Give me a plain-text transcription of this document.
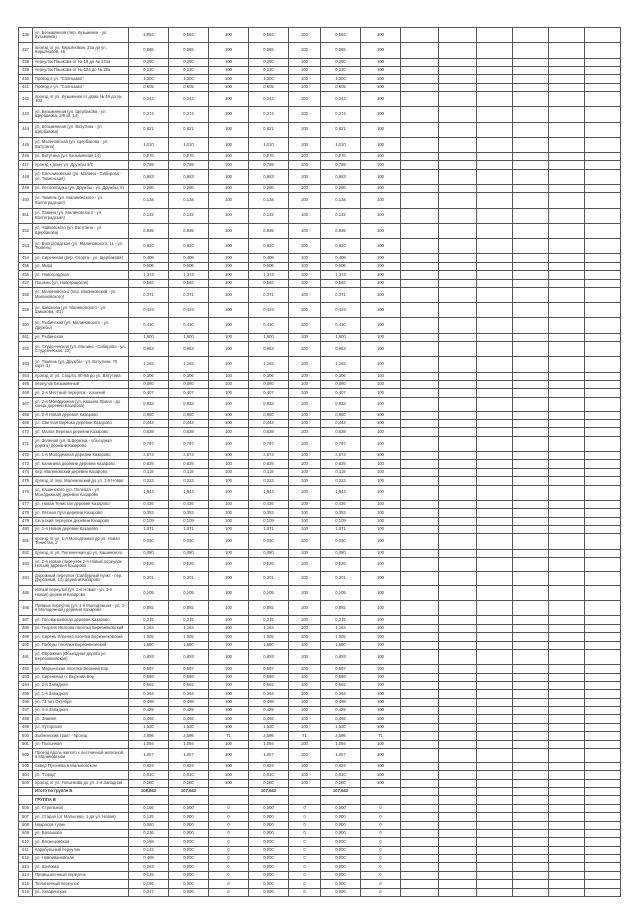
436	ул. Безымянная (пер. Кузьминки - ул. Кузьминки)	2,854	0,584	100	0,584	100	0,584	100						
437	проезд от ул. Кирьяновой, 33а до ул. Кирьяновой, 46	0,865	0,065	100	0,065	100	0,065	100						
438	переулок Пашкова от № 18 до № 144а	0,250	0,250	100	0,250	100	0,250	100						
439	переулок Пашкова от № 10а до № 28а	0,230	0,230	100	0,230	100	0,230	100						
440	Проезд к ул. "Солнышко"	1,300	1,300	100	1,300	100	1,300	100						
441	Проезд к ул. "Солнышко"	0,605	0,605	100	0,605	100	0,605	100						
442	проезд от ул. Кузьминки от дома № 49 до № 103	0,244	0,244	100	0,244	100	0,244	100						
443	ул. Безымянная (ул. Щербакова - ул. Щербакова, 2/6 кв. 14)	0,374	0,374	100	0,374	100	0,374	100						
444	ул. Безымянная (ул. Ватутина - ул. Щербакова)	0,821	0,821	100	0,821	100	0,821	100						
445	ул. Малиновская (ул. Щербакова - ул. Ватутина)	1,010	1,010	100	1,010	100	1,010	100						
446	ул. Ватутина (ул. Безымянная 14)	0,070	0,070	100	0,070	100	0,070	100						
447	проезд к дому ул. Дружбы 1/2	0,789	0,789	100	0,789	100	0,789	100						
448	ул. Сольниковская (ул. Малина - Сибирова - ул. Тюменская)	0,863	0,863	100	0,863	100	0,863	100						
449	ул. Лесопосадка (ул. Дружбы - ул. Дружбы, 8)	0,280	0,280	100	0,280	100	0,280	100						
450	ул. Тюмень (ул. Малиновского - ул. Волгоградская)	0,134	0,134	100	0,134	100	0,134	100						
451	ул. Лавина (ул. Малиновского - ул. Волгоградская)	0,132	0,132	100	0,132	100	0,132	100						
452	ул. Чайковского (ул. Ватутина - ул. Щербакова)	0,835	0,835	100	0,835	100	0,835	100						
453	ул. Волгоградская (ул. Малиновского, 11 - ул. Тюмень)	0,610	0,610	100	0,610	100	0,610	100						
454	ул. Сиреневая (пер. Спорта - ул. Щербакова)	0,408	0,408	100	0,408	100	0,408	100						
455	ул. Мира	0,506	0,506	100	0,506	100	0,506	100						
456	ул. Новоградская	1,373	1,373	100	1,373	100	1,373	100						
457	Пошень (ул. Новоградская)	0,592	0,592	100	0,592	100	0,592	100						
458	ул. Малиновского (пер. Малиновский - ул. Малиновского)	0,371	0,371	100	0,371	100	0,371	100						
459	ул. Шишкова (ул. Малиновского - ул. Шишкова, 4/1)	0,423	0,423	100	0,423	100	0,423	100						
460	ул. Рыбинская (ул. Малиновского - ул. Дружбы)	0,410	0,410	100	0,410	100	0,410	100						
461	ул. Рыбинская	1,600	1,600	100	1,600	100	1,600	100						
462	ул. Студенческая (ул. Малина - Сибирова - ул. Студенческая, 23)	0,853	0,853	100	0,853	100	0,853	100						
463	ул. Тюмень (ул. Дружбы - ул. Ватутина, 70 корп. 1)	1,182	1,182	100	1,182	100	1,182	100						
464	проезд от ул. Спорта, 80-85 до ул. Ватутина	0,306	0,306	100	0,306	100	0,306	100						
465	переулок Безымянный	0,080	0,080	100	0,080	100	0,080	100						
466	ул. 2-я Местный переулок - Казачий	0,407	0,407	100	0,407	100	0,407	100						
467	ул. 2-я Молодежная (ул. Кашина Ярина - до конца деревни Казарова)	0,823	0,823	100	0,823	100	0,823	100						
468	ул. 2-я Новая деревня Казарово	0,980	0,980	100	0,980	100	0,980	100						
469	ул. Светлая Березка деревни Казарово	0,444	0,444	100	0,444	100	0,444	100						
470	ул. Малая Березка деревни Казарово	0,839	0,839	100	0,839	100	0,839	100						
471	ул. Зеленая (ул. В.Березка - объездная дорога) деревни Казарово	0,797	0,797	100	0,797	100	0,797	100						
472	ул. 1-я Молодежная деревни Казарово	2,573	2,573	100	2,573	100	2,573	100						
473	ул. Калинина деревни деревни Казарово	0,825	0,825	100	0,825	100	0,825	100						
474	пер. Малиновский деревни Казарово	0,118	0,118	100	0,118	100	0,118	100						
475	проезд от пер. Малиновский до ул. 1-я Новая	0,223	0,223	100	0,223	100	0,223	100						
476	ул. Кашинского (ул. Полевая - ул. Молодежная) деревни Казарово	1,644	1,644	100	1,644	100	1,644	100						
477	ул. Новая Тенистая деревня Казарово	0,426	0,426	100	0,426	100	0,426	100						
478	ул. Лесная Луга деревни Казарово	0,353	0,353	100	0,353	100	0,353	100						
479	Сельский переулок деревни Казарово	0,109	0,109	100	0,109	100	0,109	100						
480	ул. 1-я Новая деревни Казарово	1,071	1,071	100	1,071	100	1,071	100						
481	проезд от ул. 1-я Молодежная до ул. Новая Тенистая, 2	0,250	0,250	100	0,250	100	0,250	100						
482	проезд от ул. Тюлиничная до ул. Кашинского	0,080	0,080	100	0,080	100	0,080	100						
483	ул. 2-я Новая (переулок 2-я Новый переулок Новый) деревня Казарово	0,526	0,526	100	0,526	100	0,526	100						
484	Дорожный переулок (Сайбурный пункт - пер. Дорожный, 12) деревни Казарово	0,201	0,201	100	0,201	100	0,201	100						
485	Новый переулок (ул. 2-я Новая - ул. 3-я Новая) деревня Казарово	0,105	0,105	100	0,105	100	0,105	100						
486	Прямые переулок (ул. 1-я Молодежная - ул. 2-я Молодежная) деревня Казарово	0,092	0,092	100	0,092	100	0,092	100						
487	ул. Голованьевская деревня Казарово	0,315	0,315	100	0,315	100	0,315	100						
488	ул. Георгия Ипатова поселка Березняковский	1,163	1,163	100	1,163	100	1,163	100						
489	ул. Сирень Елагина поселка Березняковский	1,005	1,005	100	1,005	100	1,005	100						
490	ул. Победы поселка Березняковский	1,690	1,690	100	1,690	100	1,690	100						
491	ул. Овражная (Обьездная дорога ул. Березняковская)	0,893	0,893	100	0,893	100	0,893	100						
492	ул. Марьинская поселка Верхний Бор	0,597	0,597	100	0,597	100	0,597	100						
493	ул. Сиреневая п. Верхний Бор	0,558	0,558	100	0,558	100	0,558	100						
494	ул. 2-я Западная	0,552	0,552	100	0,552	100	0,552	100						
495	ул. 1-я Западная	0,364	0,364	100	0,364	100	0,364	100						
496	ул. 73 лет Октября	0,498	0,498	100	0,498	100	0,498	100						
497	ул. 4-я Западная	0,429	0,429	100	0,429	100	0,429	100						
498	ул. Зимняя	0,492	0,492	100	0,492	100	0,492	100						
499	ул. Хуторская	1,520	1,520	100	1,520	100	1,520	100						
500	Зыбнинский тракт - проезд	3,896	2,596	71	2,596	71	2,596	71						
501	ул. Полынная	1,094	1,094	100	1,094	100	1,094	100						
502	Проезд вдоль жилого к лестничной железной в Малиновском	1,057	1,057	100	1,057	100	1,057	100						
503	Сквер Пугачёва в Малиновском	0,624	0,624	100	0,624	100	0,624	100						
504	ул. "Город"	0,010	0,010	100	0,010	100	0,010	100						
505	проезд от ул. Голынкова до ул. 4-я Западная	0,250	0,250	100	0,250	100	0,250	100						
	Итого по группе Б	108,842	107,642		107,642		107,642							
	ГРУППА В													
506	ул. Стрельной	0,156	0,000	0	0,000	0	0,000	0						
507	ул. Старая (от Малыгина, 1 до ул. Новая)	0,125	0,000	0	0,000	0	0,000	0						
508	Некрасов тупик	0,060	0,000	0	0,000	0	0,000	0						
509	ул. Балашова	0,236	0,000	0	0,000	0	0,000	0						
510	ул. Васнецовская	0,158	0,000	0	0,000	0	0,000	0						
511	Карабульный переулок	0,142	0,000	0	0,000	0	0,000	0						
512	ул. Новоивановская	0,489	0,000	0	0,000	0	0,000	0						
513	ул. Шеповка	0,253	0,000	0	0,000	0	0,000	0						
514	Промышленный переулок	0,125	0,000	0	0,000	0	0,000	0						
515	Тюлиничный переулок	0,165	0,000	0	0,000	0	0,000	0						
516	ул. Ухваринская	0,317	0,000	0	0,000	0	0,000	0						
